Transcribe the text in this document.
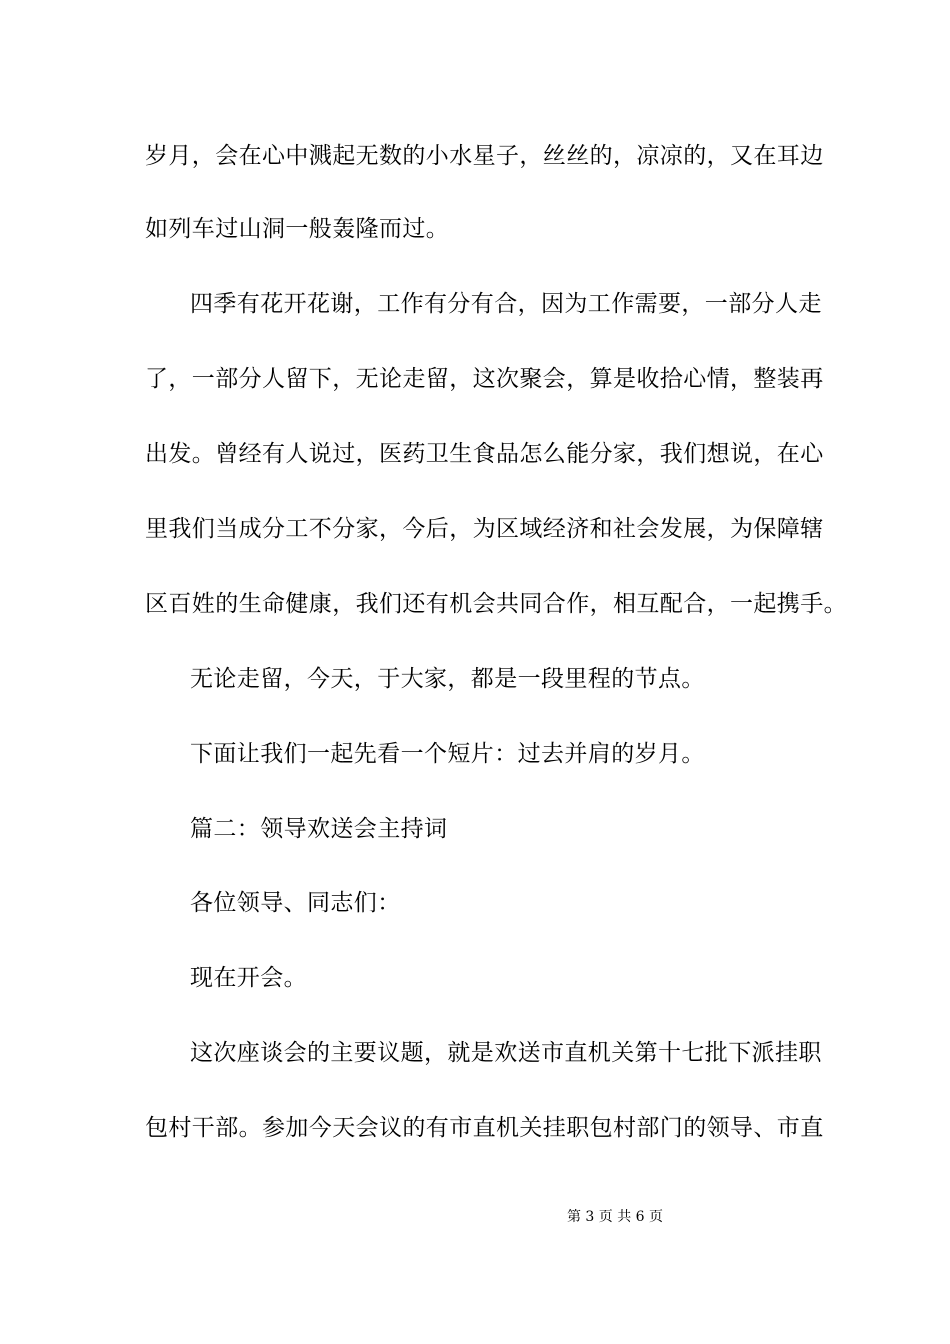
岁月，会在心中溅起无数的小水星子，丝丝的，凉凉的，又在耳边
如列车过山洞一般轰隆而过。
四季有花开花谢，工作有分有合，因为工作需要，一部分人走
了，一部分人留下，无论走留，这次聚会，算是收拾心情，整装再
出发。曾经有人说过，医药卫生食品怎么能分家，我们想说，在心
里我们当成分工不分家，今后，为区域经济和社会发展，为保障辖
区百姓的生命健康，我们还有机会共同合作，相互配合，一起携手。
无论走留，今天，于大家，都是一段里程的节点。
下面让我们一起先看一个短片：过去并肩的岁月。
篇二：领导欢送会主持词
各位领导、同志们：
现在开会。
这次座谈会的主要议题，就是欢送市直机关第十七批下派挂职
包村干部。参加今天会议的有市直机关挂职包村部门的领导、市直
第 3 页 共 6 页
